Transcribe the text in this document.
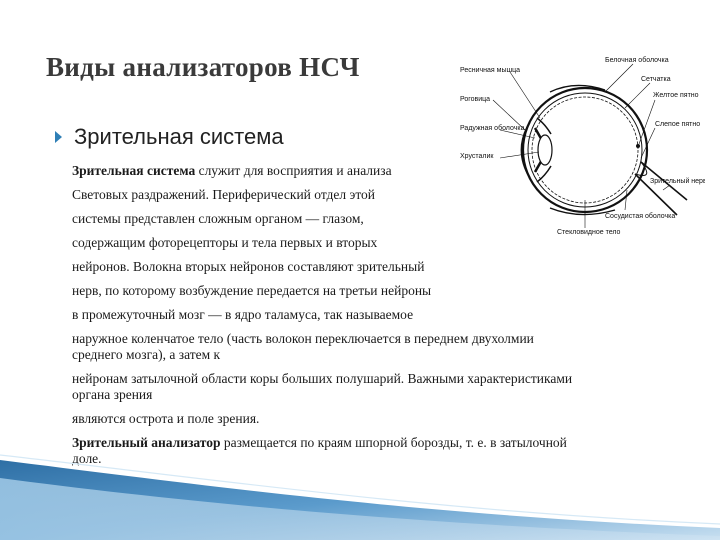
Виды анализаторов НСЧ
Зрительная система
Зрительная система служит для восприятия и анализа
Световых раздражений. Периферический отдел этой
системы представлен сложным органом — глазом,
содержащим фоторецепторы и тела первых и вторых
нейронов. Волокна вторых нейронов составляют зрительный
нерв, по которому возбуждение передается на третьи нейроны
в промежуточный мозг — в ядро таламуса, так называемое
наружное коленчатое тело (часть волокон переключается в переднем двухолмии
среднего мозга), а затем к
нейронам затылочной области коры больших полушарий. Важными характеристиками
органа зрения
являются острота и поле зрения.
Зрительный анализатор размещается по краям шпорной борозды, т. е. в затылочной
доле.
Ресничная мышца
Белочная оболочка
Сетчатка
Роговица
Желтое пятно
Радужная оболочка
Слепое пятно
Хрусталик
Зрительный нерв
Сосудистая оболочка
Стекловидное тело
